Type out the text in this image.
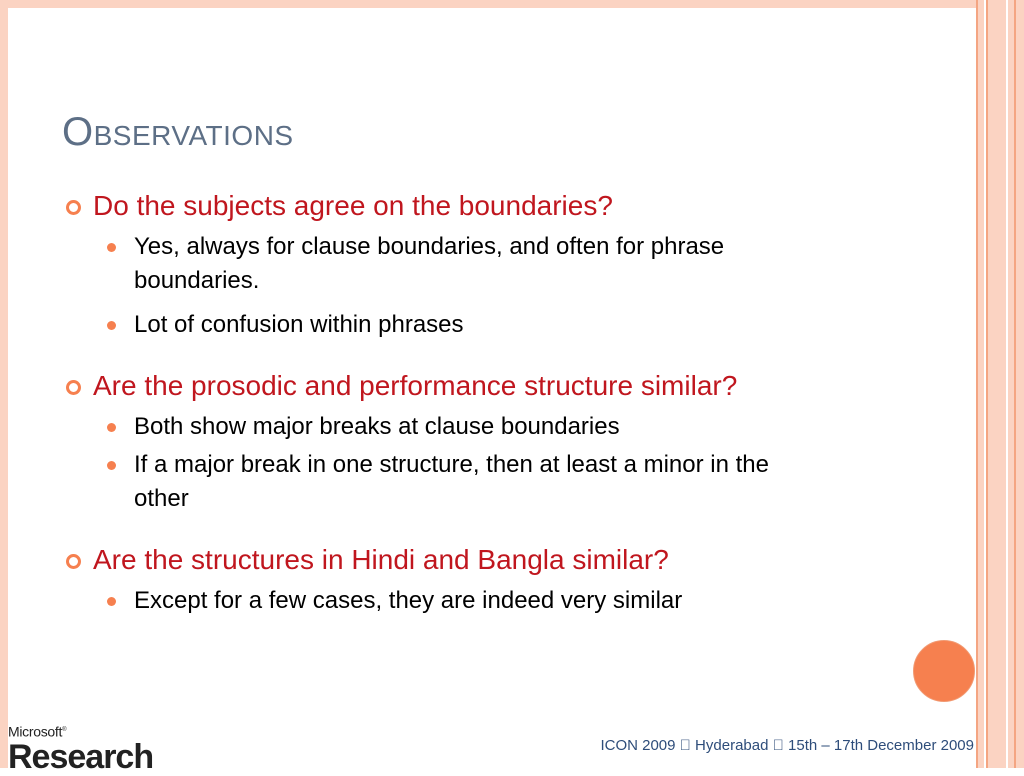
Observations
Do the subjects agree on the boundaries?
Yes, always for clause boundaries, and often for phrase
boundaries.
Lot of confusion within phrases
Are the prosodic and performance structure similar?
Both show major breaks at clause boundaries
If a major break in one structure, then at least a minor in the
other
Are the structures in Hindi and Bangla similar?
Except for a few cases, they are indeed very similar
Microsoft®
Research	ICON 2009 Hyderabad 15th – 17th December 2009
